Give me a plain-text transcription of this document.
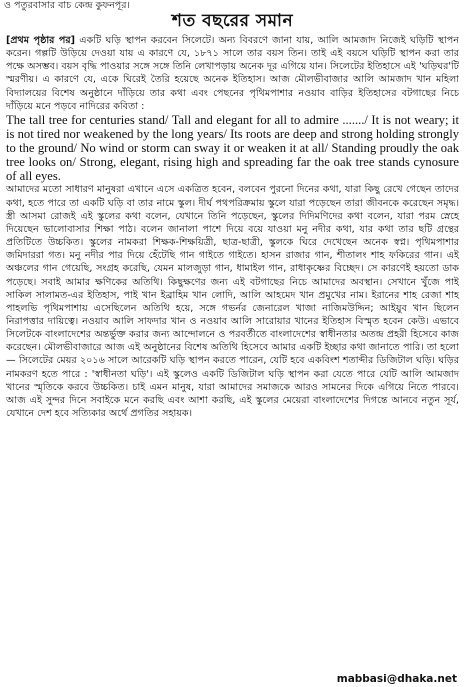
ও পতুরবাসার বাচ কেন্দ্র কুফনপূর।
শত বছরের সমান

[প্রথম পৃষ্ঠার পর] একটি ঘড়ি স্থাপন করবেন সিলেটে। অন্য বিবরণে জানা যায়, আলি আমজাদ নিজেই ঘড়িটি স্থাপন করেন। গল্পটি উড়িয়ে দেওয়া যায় এ কারণে যে, ১৮৭১ সালে তার বয়স তিন। তাই এই বয়সে ঘড়িটি স্থাপন করা তার পক্ষে অসম্ভব। বয়স বৃদ্ধি পাওয়ার সঙ্গে সঙ্গে তিনি লেখাপড়ায় অনেক দূর এগিয়ে যান। সিলেটের ইতিহাসে এই 'ঘড়িঘর'টি স্মরণীয়। এ কারণে যে, একে ঘিরেই তৈরি হয়েছে অনেক ইতিহাস। আজ মৌলভীবাজার আলি আমজাদ খান মহিলা বিদ্যালয়ের বিশেষ অনুষ্ঠানে দাঁড়িয়ে তার কথা এবং পেছনের পৃথিমপাশার নওয়াব বাড়ির ইতিহাসের বটগাছের নিচে দাঁড়িয়ে মনে পড়বে নাদিরের কবিতা :

The tall tree for centuries stand/ Tall and elegant for all to admire ......./ It is not weary; it is not tired nor weakened by the long years/ Its roots are deep and strong holding strongly to the ground/ No wind or storm can sway it or weaken it at all/ Standing proudly the oak tree looks on/ Strong, elegant, rising high and spreading far the oak tree stands cynosure of all eyes.

আমাদের মতো সাধারণ মানুষরা এখানে এসে একত্রিত হবেন, বলবেন পুরনো দিনের কথা, যারা কিছু রেখে গেছেন তাদের কথা, হতে পারে তা একটি ঘড়ি বা তার নামে স্কুল। দীর্ঘ পথপরিক্রমায় স্কুলে যারা পড়েছেন তারা জীবনকে করেছেন সমৃদ্ধ। স্ত্রী আসমা রোজই এই স্কুলের কথা বলেন, যেখানে তিনি পড়েছেন, স্কুলের দিদিমণিদের কথা বলেন, যারা পরম স্নেহে দিয়েছেন ভালোবাসার শিক্ষা পাঠ। বলেন জানালা পাশে দিয়ে বয়ে যাওয়া মনু নদীর কথা, যার কথা তার ছটি গ্রন্থের প্রতিটিতে উচ্চকিত। স্কুলের নামকরা শিক্ষক-শিক্ষয়িত্রী, ছাত্র-ছাত্রী, স্কুলকে ঘিরে দেখেছেন অনেক স্বপ্ন। পৃথিমপাশার জমিদাররা গত। মনু নদীর পার দিয়ে হেঁটেছি গান গাইতে গাইতে। হাসন রাজার গান, শীতালং শাহ ফকিরের গান। এই অঞ্চলের গান গেয়েছি, সংগ্রহ করেছি, যেমন মালজুড়া গান, ধামাইল গান, রাধাকৃষ্ণের বিচ্ছেদ। সে কারণেই হয়তো ডাক পড়েছে। সবাই আমার ক্ষণিকের অতিথি। কিছুক্ষণের জন্য এই বটগাছের নিচে আমাদের অবস্থান। সেখানে খুঁজে পাই সাকিল সালামত-এর ইতিহাস, পাই খান ইব্রাহিম খান লোদি, আলি আহমেদ খান প্রমুখের নাম। ইরানের শাহ রেজা শাহ পাহলভি পৃথিমপাশায় এসেছিলেন অতিথি হয়ে, সঙ্গে গভর্নর জেনারেল খাজা নাজিমউদ্দিন; আইয়ুব খান ছিলেন নিরাপত্তার দায়িত্বে। নওয়াব আলি সাফদার খান ও নওয়াব আলি সারোয়ার খানের ইতিহাস বিস্মৃত হবেন কেউ। এভাবে সিলেটকে বাংলাদেশের অন্তর্ভুক্ত করার জন্য আন্দোলনে ও পরবর্তীতে বাংলাদেশের স্বাধীনতার অতন্দ্র প্রহরী হিসেবে কাজ করেছেন। মৌলভীবাজারে আজ এই অনুষ্ঠানের বিশেষ অতিথি হিসেবে আমার একটি ইচ্ছার কথা জানাতে পারি। তা হলো— সিলেটের মেয়র ২০১৬ সালে আরেকটি ঘড়ি স্থাপন করতে পারেন, যেটি হবে একবিংশ শতাব্দীর ডিজিটাল ঘড়ি। ঘড়ির নামকরণ হতে পারে : 'স্বাধীনতা ঘড়ি'। এই স্কুলেও একটি ডিজিটাল ঘড়ি স্থাপন করা যেতে পারে যেটি আলি আমজাদ খানের স্মৃতিকে করবে উচ্চকিত। চাই এমন মানুষ, যারা আমাদের সমাজকে আরও সামনের দিকে এগিয়ে নিতে পারবে। আজ এই সুন্দর দিনে সবাইকে মনে করছি এবং আশা করছি, এই স্কুলের মেয়েরা বাংলাদেশের দিগন্তে আনবে নতুন সূর্য, যেখানে দেশ হবে সত্যিকার অর্থে প্রগতির সহায়ক।

mabbasi@dhaka.net
